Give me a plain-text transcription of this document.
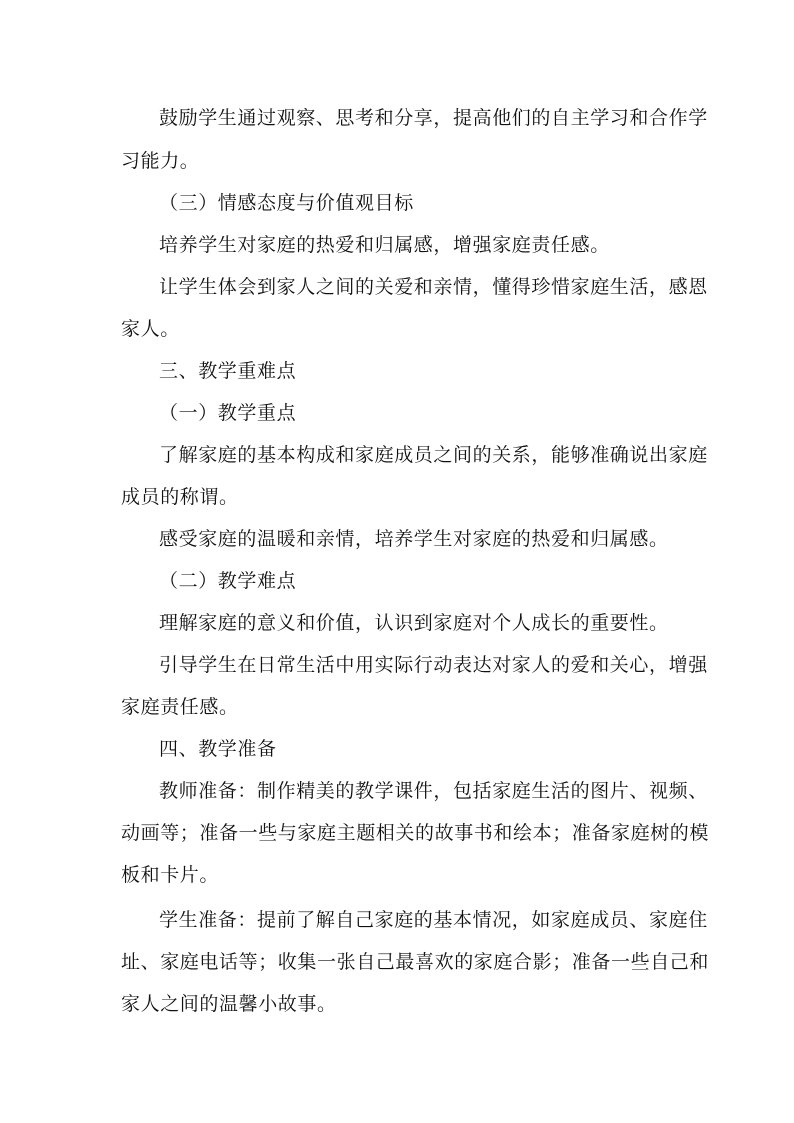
鼓励学生通过观察、思考和分享，提高他们的自主学习和合作学
习能力。
（三）情感态度与价值观目标
培养学生对家庭的热爱和归属感，增强家庭责任感。
让学生体会到家人之间的关爱和亲情，懂得珍惜家庭生活，感恩
家人。
三、教学重难点
（一）教学重点
了解家庭的基本构成和家庭成员之间的关系，能够准确说出家庭
成员的称谓。
感受家庭的温暖和亲情，培养学生对家庭的热爱和归属感。
（二）教学难点
理解家庭的意义和价值，认识到家庭对个人成长的重要性。
引导学生在日常生活中用实际行动表达对家人的爱和关心，增强
家庭责任感。
四、教学准备
教师准备：制作精美的教学课件，包括家庭生活的图片、视频、
动画等；准备一些与家庭主题相关的故事书和绘本；准备家庭树的模
板和卡片。
学生准备：提前了解自己家庭的基本情况，如家庭成员、家庭住
址、家庭电话等；收集一张自己最喜欢的家庭合影；准备一些自己和
家人之间的温馨小故事。
